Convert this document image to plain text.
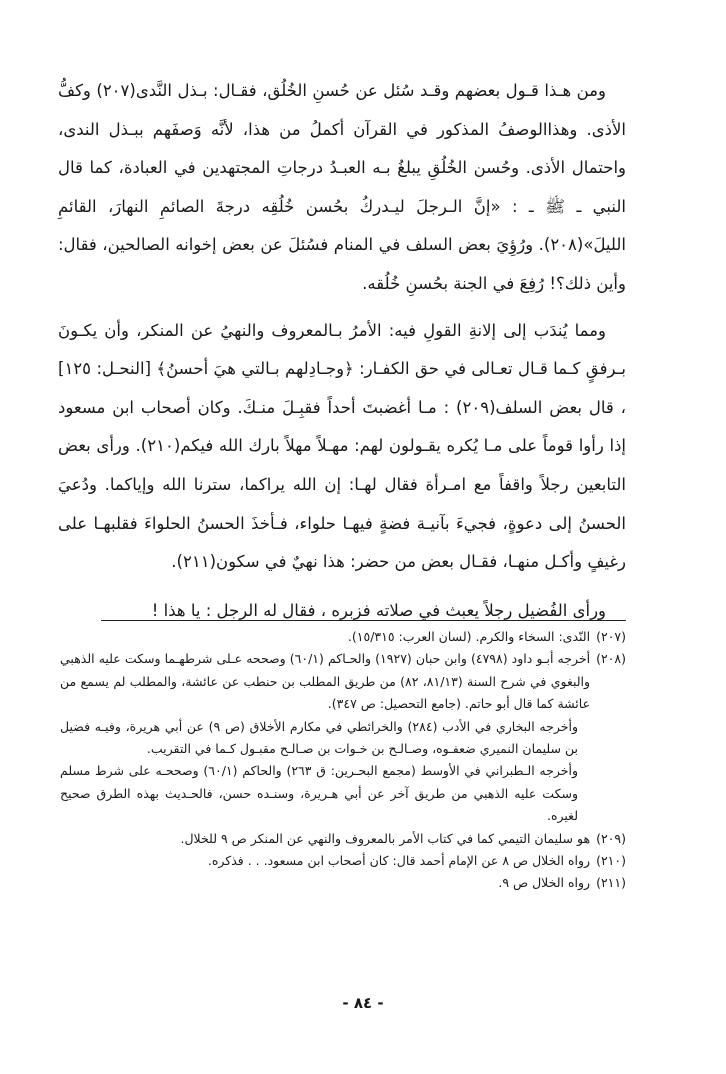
ومن هـذا قـول بعضهم وقـد سُئل عن حُسنِ الخُلُق، فقـال: بـذل النَّدى(٢٠٧) وكفُّ الأذى. وهذاالوصفُ المذكور في القرآن أكملُ من هذا، لأنَّه وَصفَهم ببـذل الندى، واحتمال الأذى. وحُسن الخُلُقِ يبلغُ بـه العبـدُ درجاتِ المجتهدين في العبادة، كما قال النبي ـ ﷺ ـ : «إنَّ الـرجلَ ليـدركُ بحُسن خُلُقِه درجةَ الصائمِ النهارَ، القائمِ الليلَ»(٢٠٨). ورُؤِيَ بعض السلف في المنام فسُئلَ عن بعض إخوانه الصالحين، فقال: وأين ذلك؟! رُفِعَ في الجنة بحُسنِ خُلُقه.

ومما يُندَب إلى إلانةِ القولِ فيه: الأمرُ بـالمعروف والنهيُ عن المنكر، وأن يكـونَ بـرفقٍ كـما قـال تعـالى في حق الكفـار: ﴿وجـادِلهم بـالتي هيَ أحسنُ﴾ [النحـل: ١٢٥] ، قال بعض السلف(٢٠٩) : مـا أغضبتَ أحداً فقبِـلَ منـكَ. وكان أصحاب ابن مسعود إذا رأوا قوماً على مـا يُكره يقـولون لهم: مهـلاً مهلاً بارك الله فيكم(٢١٠). ورأى بعض التابعين رجلاً واقفاً مع امـرأة فقال لهـا: إن الله يراكما، سترنا الله وإياكما. ودُعيَ الحسنُ إلى دعوةٍ، فجيءَ بآنيـة فضةٍ فيهـا حلواء، فـأخذَ الحسنُ الحلواءَ فقلبهـا على رغيفٍ وأكـل منهـا، فقـال بعض من حضر: هذا نهيٌ في سكون(٢١١).

ورأى الفُضيل رجلاً يعبث في صلاته فزبره ، فقال له الرجل : يا هذا !

(٢٠٧)
النّدى: السخاء والكرم. (لسان العرب: ١٥/٣١٥).
(٢٠٨)
أخرجه أبـو داود (٤٧٩٨) وابن حبان (١٩٢٧) والحـاكم (٦٠/١) وصححه عـلى شرطهـما وسكت عليه الذهبي والبغوي في شرح السنة (٨١/١٣، ٨٢) من طريق المطلب بن حنطب عن عائشة، والمطلب لم يسمع من عائشة كما قال أبو حاتم. (جامع التحصيل: ص ٣٤٧).
وأخرجه البخاري في الأدب (٢٨٤) والخرائطي في مكارم الأخلاق (ص ٩) عن أبي هريرة، وفيـه فضيل بن سليمان النميري ضعفـوه، وصـالـح بن خـوات بن صـالـح مقبـول كـما في التقريب.
وأخرجه الـطبراني في الأوسط (مجمع البحـرين: ق ٢٦٣) والحاكم (٦٠/١) وصححـه على شرط مسلم وسكت عليه الذهبي من طريق آخر عن أبي هـريرة، وسنـده حسن، فالحـديث بهذه الطرق صحيح لغيره.
(٢٠٩)
هو سليمان التيمي كما في كتاب الأمر بالمعروف والنهي عن المنكر ص ٩ للخلال.
(٢١٠)
رواه الخلال ص ٨ عن الإمام أحمد قال: كان أصحاب ابن مسعود. . . فذكره.
(٢١١)
رواه الخلال ص ٩.
- ٨٤ -
